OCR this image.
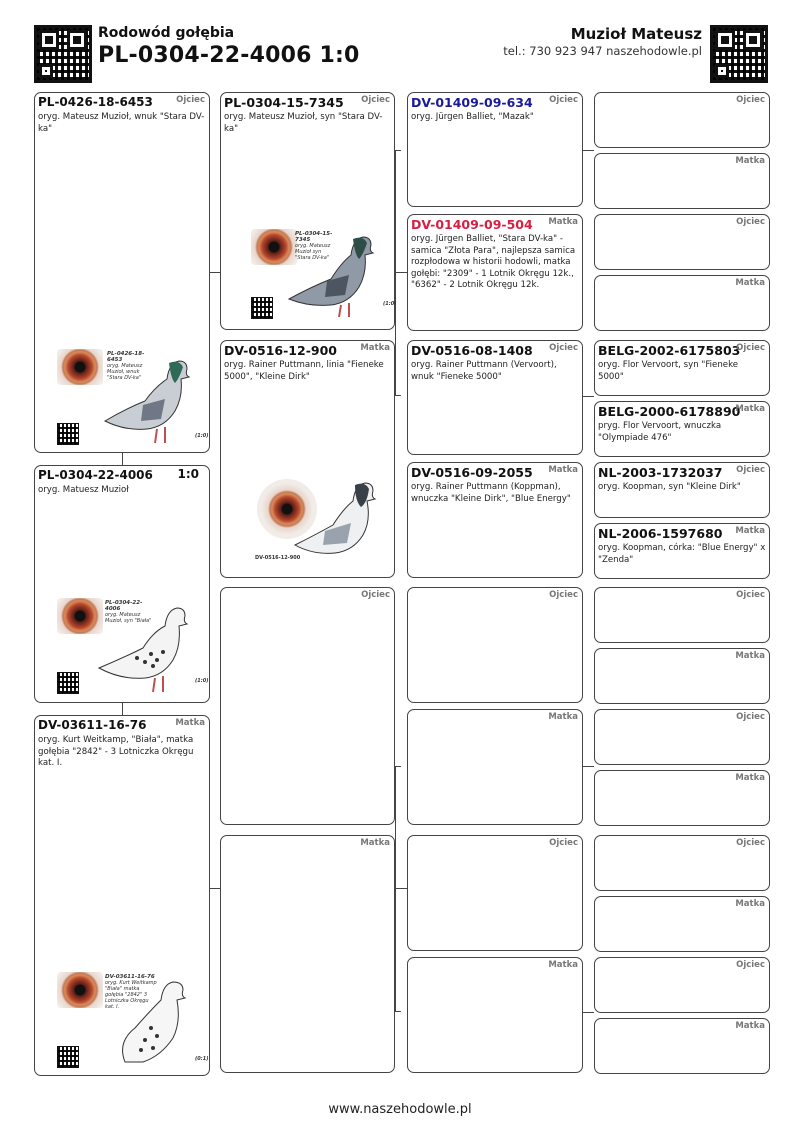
Rodowód gołębia
PL-0304-22-4006 1:0
Muzioł Mateusz
tel.: 730 923 947 naszehodowle.pl
PL-0426-18-6453	Ojciec
oryg. Mateusz Muzioł, wnuk "Stara DV-ka"
PL-0426-18-6453
oryg. Mateusz Muzioł, wnuk "Stara DV-ka"
(1:0)
PL-0304-22-4006 1:0
oryg. Matuesz Muzioł
PL-0304-22-4006
oryg. Mateusz Muzioł, syn "Biała"
(1:0)
DV-03611-16-76	Matka
oryg. Kurt Weitkamp, "Biała", matka gołębia "2842" - 3 Lotniczka Okręgu kat. I.
DV-03611-16-76
oryg. Kurt Weitkamp "Biała" matka gołębia "2842" 3 Lotniczka Okręgu kat. I.
(0:1)
PL-0304-15-7345 Ojciec
oryg. Mateusz Muzioł, syn "Stara DV-ka"
PL-0304-15-7345
oryg. Mateusz Muzioł syn "Stara DV-ka"
(1:0)
DV-0516-12-900	Matka
oryg. Rainer Puttmann, linia "Fieneke 5000", "Kleine Dirk"
DV-0516-12-900
Ojciec
Matka
DV-01409-09-634 Ojciec
oryg. Jürgen Balliet, "Mazak"
DV-01409-09-504 Matka
oryg. Jürgen Balliet, "Stara DV-ka" - samica "Złota Para", najlepsza samica rozpłodowa w historii hodowli, matka gołębi: "2309" - 1 Lotnik Okręgu 12k., "6362" - 2 Lotnik Okręgu 12k.
DV-0516-08-1408 Ojciec
oryg. Rainer Puttmann (Vervoort), wnuk "Fieneke 5000"
DV-0516-09-2055 Matka
oryg. Rainer Puttmann (Koppman), wnuczka "Kleine Dirk", "Blue Energy"
Ojciec
Matka
Ojciec
Matka
Ojciec
Matka
Ojciec
Matka
BELG-2002-6175803
Ojciec
oryg. Flor Vervoort, syn "Fieneke 5000"
BELG-2000-6178890
Matka
pryg. Flor Vervoort, wnuczka "Olympiade 476"
NL-2003-1732037 Ojciec
oryg. Koopman, syn "Kleine Dirk"
NL-2006-1597680 Matka
oryg. Koopman, córka: "Blue Energy" x "Zenda"
Ojciec
Matka
Ojciec
Matka
Ojciec
Matka
Ojciec
Matka
www.naszehodowle.pl
